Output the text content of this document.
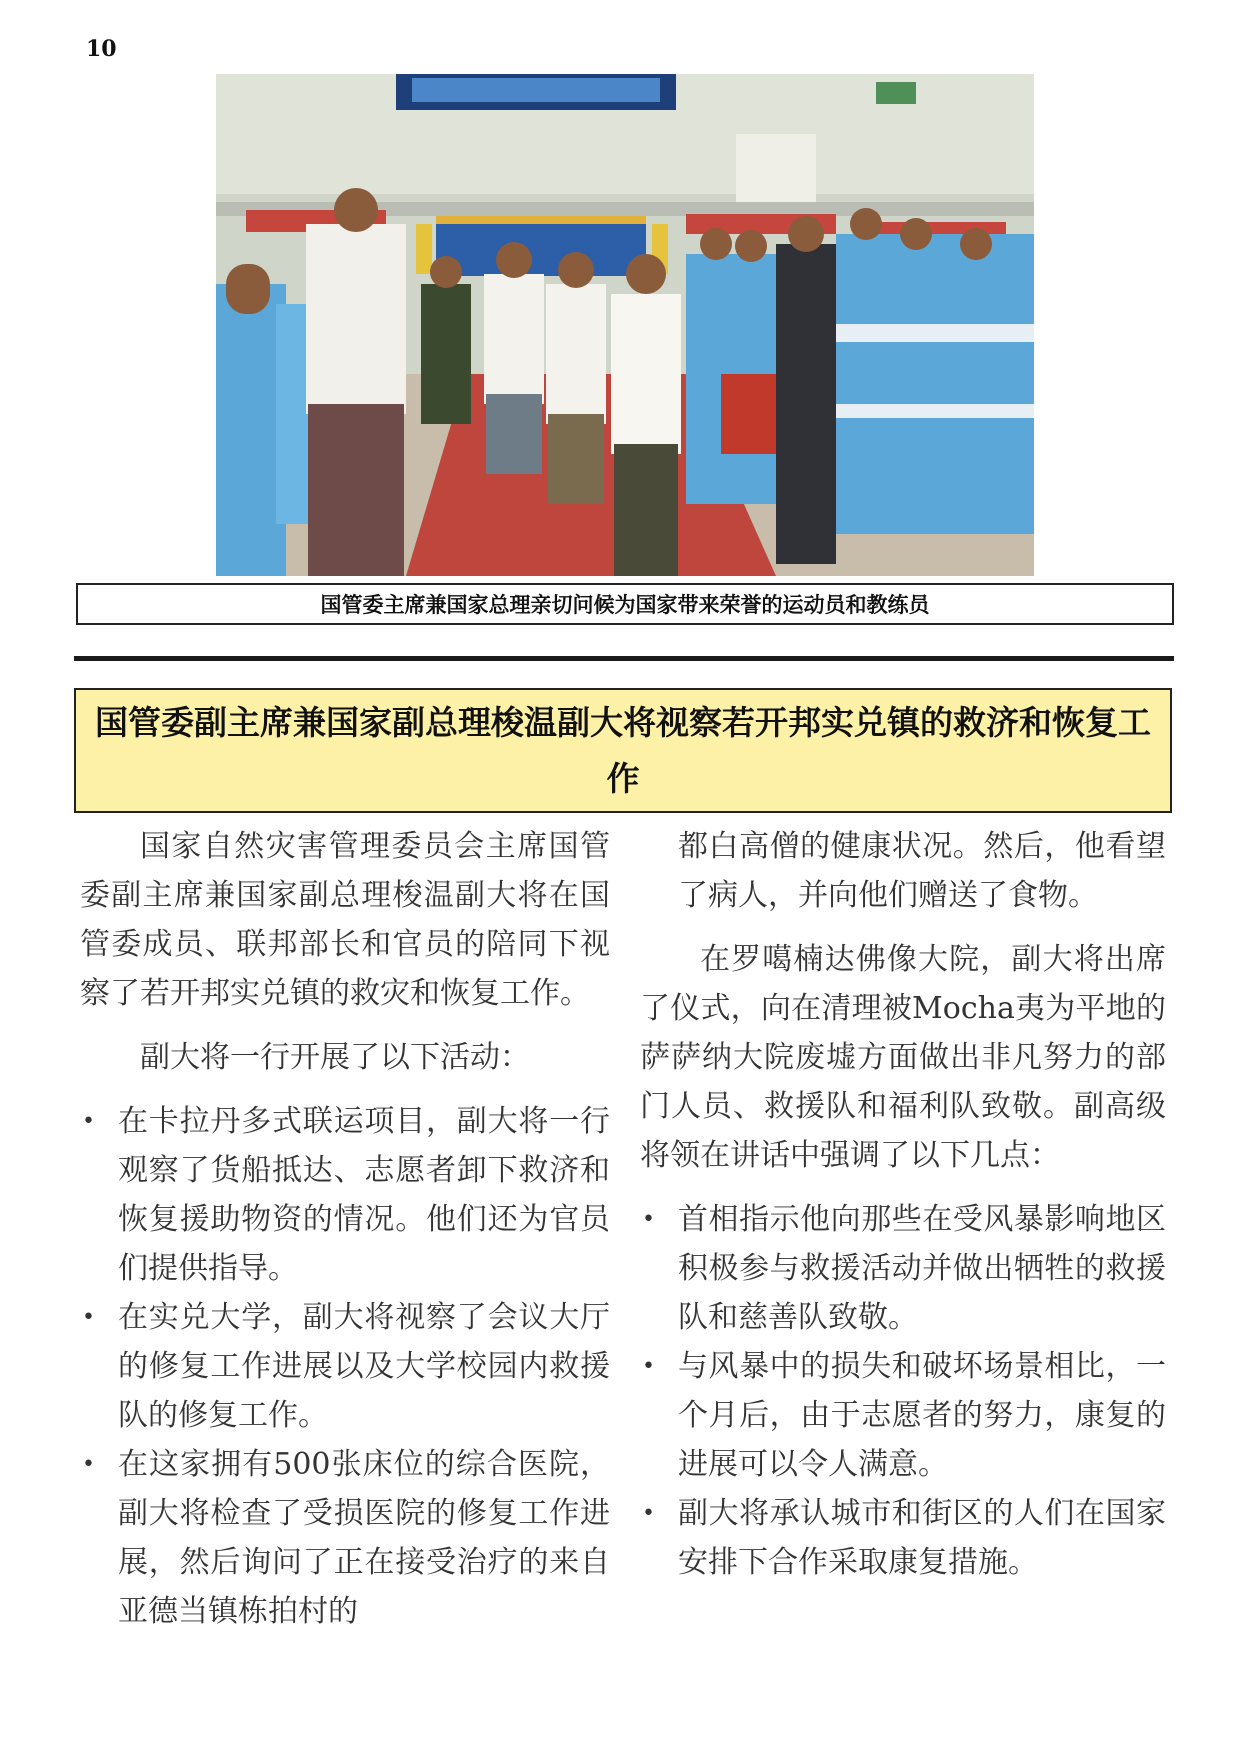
10
国管委主席兼国家总理亲切问候为国家带来荣誉的运动员和教练员
国管委副主席兼国家副总理梭温副大将视察若开邦实兑镇的救济和恢复工作

国家自然灾害管理委员会主席国管委副主席兼国家副总理梭温副大将在国管委成员、联邦部长和官员的陪同下视察了若开邦实兑镇的救灾和恢复工作。

副大将一行开展了以下活动：

• 在卡拉丹多式联运项目，副大将一行观察了货船抵达、志愿者卸下救济和恢复援助物资的情况。他们还为官员们提供指导。
• 在实兑大学，副大将视察了会议大厅的修复工作进展以及大学校园内救援队的修复工作。
• 在这家拥有500张床位的综合医院，副大将检查了受损医院的修复工作进展，然后询问了正在接受治疗的来自亚德当镇栋拍村的

都白高僧的健康状况。然后，他看望了病人，并向他们赠送了食物。

在罗噶楠达佛像大院，副大将出席了仪式，向在清理被Mocha夷为平地的萨萨纳大院废墟方面做出非凡努力的部门人员、救援队和福利队致敬。副高级将领在讲话中强调了以下几点：

• 首相指示他向那些在受风暴影响地区积极参与救援活动并做出牺牲的救援队和慈善队致敬。
• 与风暴中的损失和破坏场景相比，一个月后，由于志愿者的努力，康复的进展可以令人满意。
• 副大将承认城市和街区的人们在国家安排下合作采取康复措施。
